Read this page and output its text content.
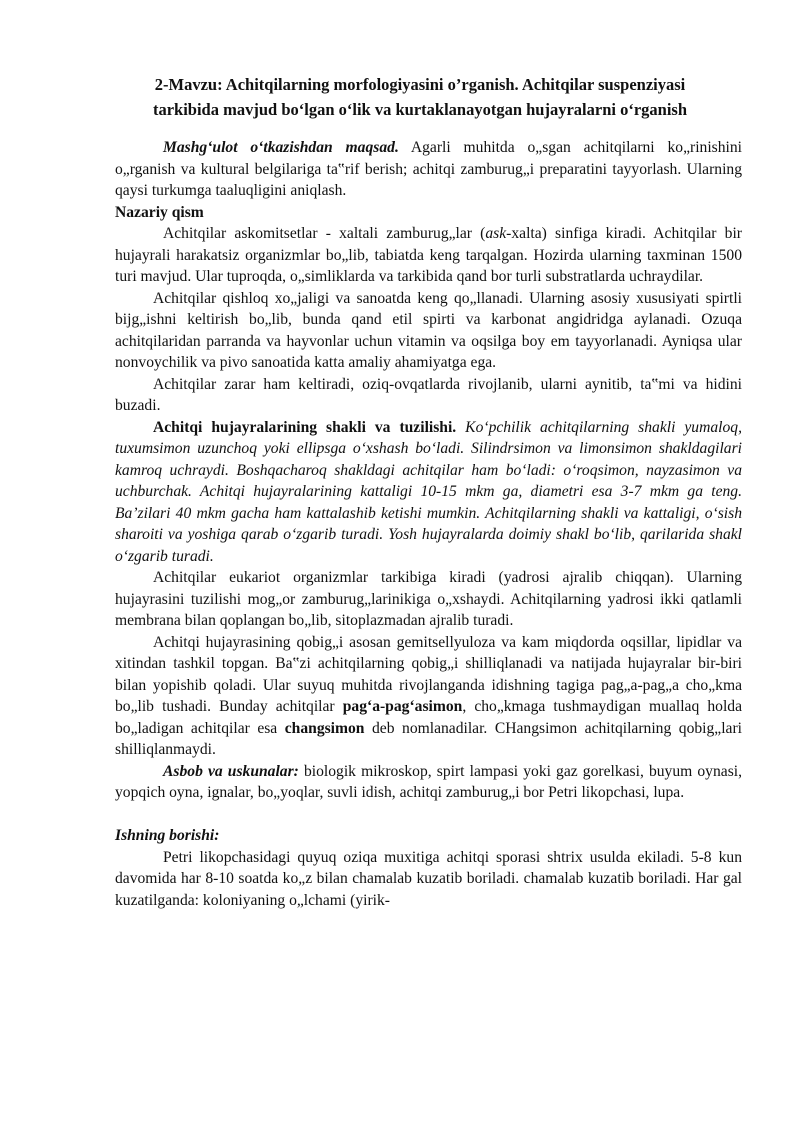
2-Mavzu: Achitqilarning morfologiyasini o’rganish. Achitqilar suspenziyasi
tarkibida mavjud bo‘lgan o‘lik va kurtaklanayotgan hujayralarni o‘rganish

Mashg‘ulot o‘tkazishdan maqsad. Agarli muhitda o„sgan achitqilarni ko„rinishini o„rganish va kultural belgilariga ta‟rif berish; achitqi zamburug„i preparatini tayyorlash. Ularning qaysi turkumga taaluqligini aniqlash.

Nazariy qism

Achitqilar askomitsetlar - xaltali zamburug„lar (ask-xalta) sinfiga kiradi. Achitqilar bir hujayrali harakatsiz organizmlar bo„lib, tabiatda keng tarqalgan. Hozirda ularning taxminan 1500 turi mavjud. Ular tuproqda, o„simliklarda va tarkibida qand bor turli substratlarda uchraydilar.

Achitqilar qishloq xo„jaligi va sanoatda keng qo„llanadi. Ularning asosiy xususiyati spirtli bijg„ishni keltirish bo„lib, bunda qand etil spirti va karbonat angidridga aylanadi. Ozuqa achitqilaridan parranda va hayvonlar uchun vitamin va oqsilga boy em tayyorlanadi. Ayniqsa ular nonvoychilik va pivo sanoatida katta amaliy ahamiyatga ega.

Achitqilar zarar ham keltiradi, oziq-ovqatlarda rivojlanib, ularni aynitib, ta‟mi va hidini buzadi.

Achitqi hujayralarining shakli va tuzilishi. Ko‘pchilik achitqilarning shakli yumaloq, tuxumsimon uzunchoq yoki ellipsga o‘xshash bo‘ladi. Silindrsimon va limonsimon shakldagilari kamroq uchraydi. Boshqacharoq shakldagi achitqilar ham bo‘ladi: o‘roqsimon, nayzasimon va uchburchak. Achitqi hujayralarining kattaligi 10-15 mkm ga, diametri esa 3-7 mkm ga teng. Ba’zilari 40 mkm gacha ham kattalashib ketishi mumkin. Achitqilarning shakli va kattaligi, o‘sish sharoiti va yoshiga qarab o‘zgarib turadi. Yosh hujayralarda doimiy shakl bo‘lib, qarilarida shakl o‘zgarib turadi.

Achitqilar eukariot organizmlar tarkibiga kiradi (yadrosi ajralib chiqqan). Ularning hujayrasini tuzilishi mog„or zamburug„larinikiga o„xshaydi. Achitqilarning yadrosi ikki qatlamli membrana bilan qoplangan bo„lib, sitoplazmadan ajralib turadi.

Achitqi hujayrasining qobig„i asosan gemitsellyuloza va kam miqdorda oqsillar, lipidlar va xitindan tashkil topgan. Ba‟zi achitqilarning qobig„i shilliqlanadi va natijada hujayralar bir-biri bilan yopishib qoladi. Ular suyuq muhitda rivojlanganda idishning tagiga pag„a-pag„a cho„kma bo„lib tushadi. Bunday achitqilar pag‘a-pag‘asimon, cho„kmaga tushmaydigan muallaq holda bo„ladigan achitqilar esa changsimon deb nomlanadilar. CHangsimon achitqilarning qobig„lari shilliqlanmaydi.

Asbob va uskunalar: biologik mikroskop, spirt lampasi yoki gaz gorelkasi, buyum oynasi, yopqich oyna, ignalar, bo„yoqlar, suvli idish, achitqi zamburug„i bor Petri likopchasi, lupa.

Ishning borishi:

Petri likopchasidagi quyuq oziqa muxitiga achitqi sporasi shtrix usulda ekiladi. 5-8 kun davomida har 8-10 soatda ko„z bilan chamalab kuzatib boriladi. chamalab kuzatib boriladi. Har gal kuzatilganda: koloniyaning o„lchami (yirik-
